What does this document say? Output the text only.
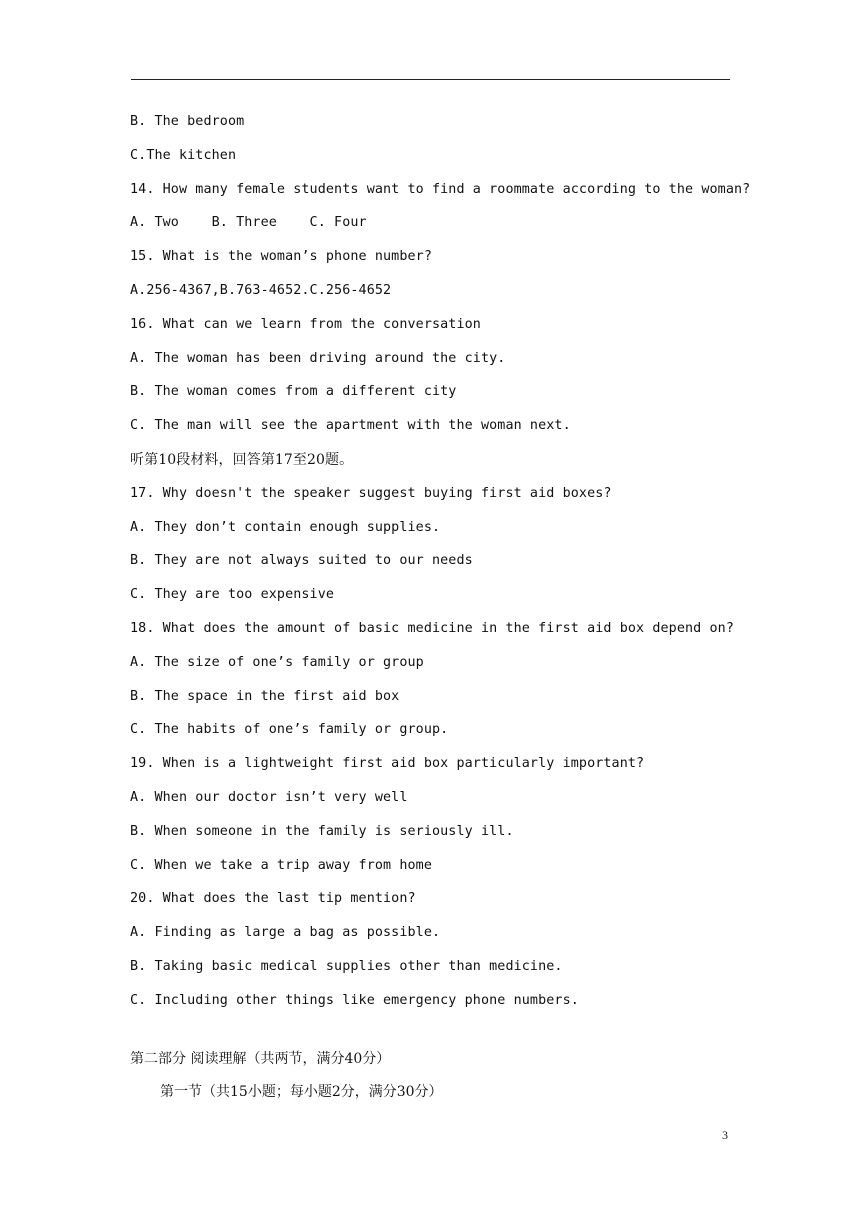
B. The bedroom
C.The kitchen
14. How many female students want to find a roommate according to the woman?
A. Two    B. Three    C. Four
15. What is the woman’s phone number?
A.256-4367,B.763-4652.C.256-4652
16. What can we learn from the conversation
A. The woman has been driving around the city.
B. The woman comes from a different city
C. The man will see the apartment with the woman next.
听第10段材料，回答第17至20题。
17. Why doesn't the speaker suggest buying first aid boxes?
A. They don’t contain enough supplies.
B. They are not always suited to our needs
C. They are too expensive
18. What does the amount of basic medicine in the first aid box depend on?
A. The size of one’s family or group
B. The space in the first aid box
C. The habits of one’s family or group.
19. When is a lightweight first aid box particularly important?
A. When our doctor isn’t very well
B. When someone in the family is seriously ill.
C. When we take a trip away from home
20. What does the last tip mention?
A. Finding as large a bag as possible.
B. Taking basic medical supplies other than medicine.
C. Including other things like emergency phone numbers.
第二部分 阅读理解（共两节，满分40分）
第一节（共15小题；每小题2分，满分30分）
3
